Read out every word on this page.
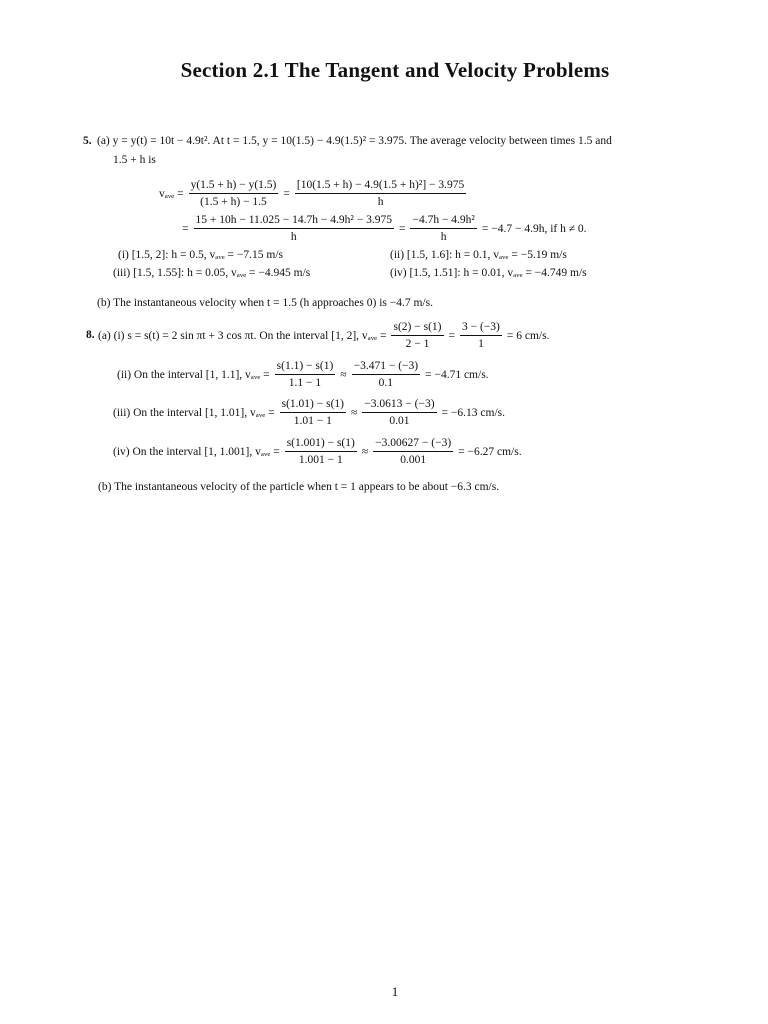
Section 2.1 The Tangent and Velocity Problems
5. (a) y = y(t) = 10t − 4.9t². At t = 1.5, y = 10(1.5) − 4.9(1.5)² = 3.975. The average velocity between times 1.5 and
1.5 + h is
vₐᵥₑ = $\frac{y(1.5 + h) - y(1.5)}{(1.5 + h) - 1.5} = \frac{\text{[10(1.5 + h) − 4.9(1.5 + h)²] − 3.975}}{h}$
= $\frac{\text{15 + 10h − 11.025 − 14.7h − 4.9h² − 3.975}}{h} = \frac{\text{−4.7h − 4.9h²}}{h} = -4.7 - 4.9h$, if h ≠ 0.
(i) [1.5, 2]: h = 0.5, vₐᵥₑ = −7.15 m/s	(ii) [1.5, 1.6]: h = 0.1, vₐᵥₑ = −5.19 m/s
(iii) [1.5, 1.55]: h = 0.05, vₐᵥₑ = −4.945 m/s	(iv) [1.5, 1.51]: h = 0.01, vₐᵥₑ = −4.749 m/s
(b) The instantaneous velocity when t = 1.5 (h approaches 0) is −4.7 m/s.
8. (a) (i) s = s(t) = 2 sin πt + 3 cos πt. On the interval [1, 2], vₐᵥₑ = $\frac{s(2) - s(1)}{2 - 1} = \frac{3 - (-3)}{1} = 6$ cm/s.
(ii) On the interval [1, 1.1], vₐᵥₑ = $\frac{s(1.1) - s(1)}{1.1 - 1} \approx \frac{-3.471 - (-3)}{0.1} = -4.71$ cm/s.
(iii) On the interval [1, 1.01], vₐᵥₑ = $\frac{s(1.01) - s(1)}{1.01 - 1} \approx \frac{-3.0613 - (-3)}{0.01} = -6.13$ cm/s.
(iv) On the interval [1, 1.001], vₐᵥₑ = $\frac{s(1.001) - s(1)}{1.001 - 1} \approx \frac{-3.00627 - (-3)}{0.001} = -6.27$ cm/s.
(b) The instantaneous velocity of the particle when t = 1 appears to be about −6.3 cm/s.
1
